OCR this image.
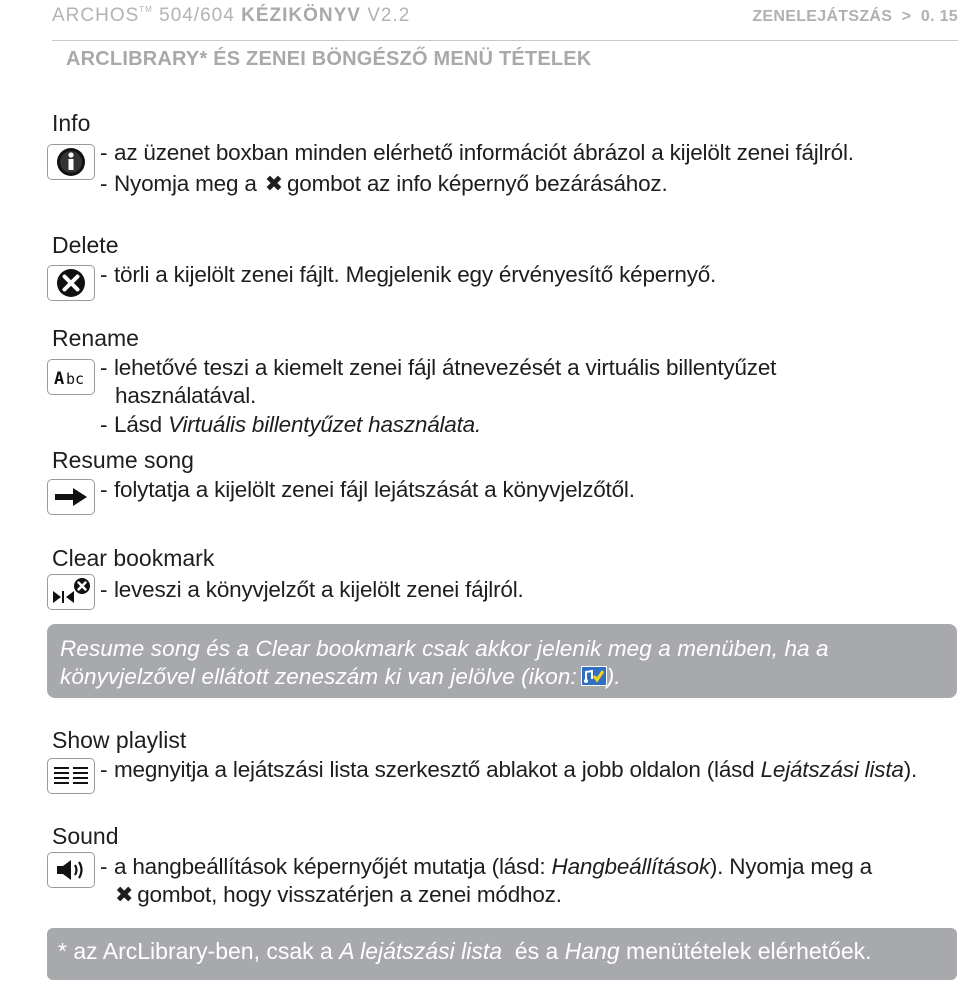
ARCHOS™ 504/604 KÉZIKÖNYV V2.2	ZENELEJÁTSZÁS > 0. 15
ARCLIBRARY* ÉS ZENEI BÖNGÉSZŐ MENÜ TÉTELEK
Info
- az üzenet boxban minden elérhető információt ábrázol a kijelölt zenei fájlról.
- Nyomja meg a ✖ gombot az info képernyő bezárásához.
Delete
- törli a kijelölt zenei fájlt. Megjelenik egy érvényesítő képernyő.
Rename
A bc - lehetővé teszi a kiemelt zenei fájl átnevezését a virtuális billentyűzet
használatával.
- Lásd Virtuális billentyűzet használata.
Resume song
- folytatja a kijelölt zenei fájl lejátszását a könyvjelzőtől.
Clear bookmark
- leveszi a könyvjelzőt a kijelölt zenei fájlról.
Resume song és a Clear bookmark csak akkor jelenik meg a menüben, ha a
könyvjelzővel ellátott zeneszám ki van jelölve (ikon: ).
Show playlist
- megnyitja a lejátszási lista szerkesztő ablakot a jobb oldalon (lásd Lejátszási lista).
Sound
- a hangbeállítások képernyőjét mutatja (lásd: Hangbeállítások). Nyomja meg a
✖ gombot, hogy visszatérjen a zenei módhoz.
* az ArcLibrary-ben, csak a A lejátszási lista és a Hang menütételek elérhetőek.
